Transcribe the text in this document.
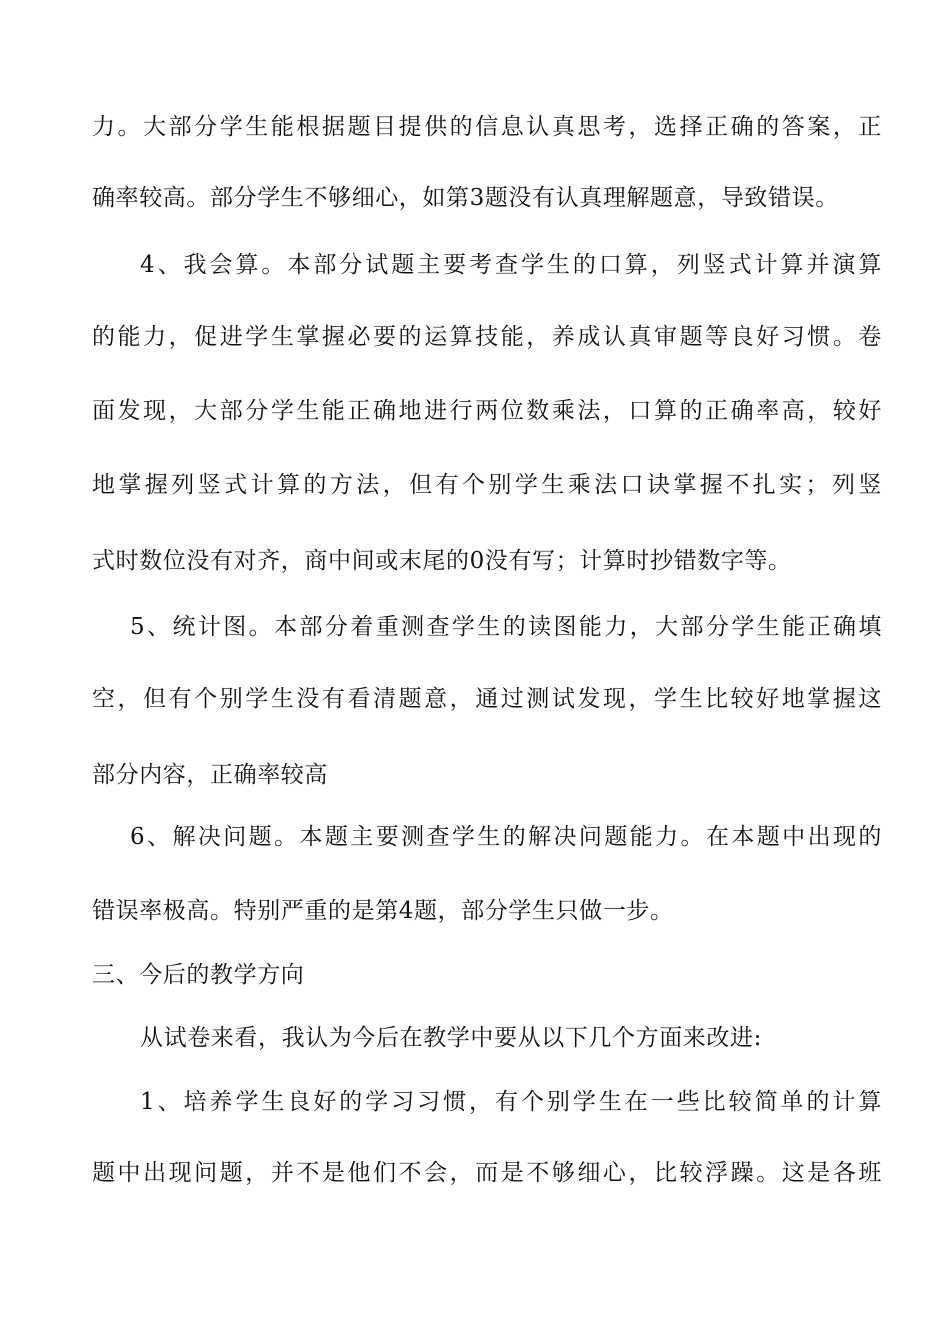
力。大部分学生能根据题目提供的信息认真思考，选择正确的答案，正
确率较高。部分学生不够细心，如第3题没有认真理解题意，导致错误。
4、我会算。本部分试题主要考查学生的口算，列竖式计算并演算
的能力，促进学生掌握必要的运算技能，养成认真审题等良好习惯。卷
面发现，大部分学生能正确地进行两位数乘法，口算的正确率高，较好
地掌握列竖式计算的方法，但有个别学生乘法口诀掌握不扎实；列竖
式时数位没有对齐，商中间或末尾的0没有写；计算时抄错数字等。
5、统计图。本部分着重测查学生的读图能力，大部分学生能正确填
空，但有个别学生没有看清题意，通过测试发现，学生比较好地掌握这
部分内容，正确率较高
6、解决问题。本题主要测查学生的解决问题能力。在本题中出现的
错误率极高。特别严重的是第4题，部分学生只做一步。
三、今后的教学方向
从试卷来看，我认为今后在教学中要从以下几个方面来改进:
1、培养学生良好的学习习惯，有个别学生在一些比较简单的计算
题中出现问题，并不是他们不会，而是不够细心，比较浮躁。这是各班
